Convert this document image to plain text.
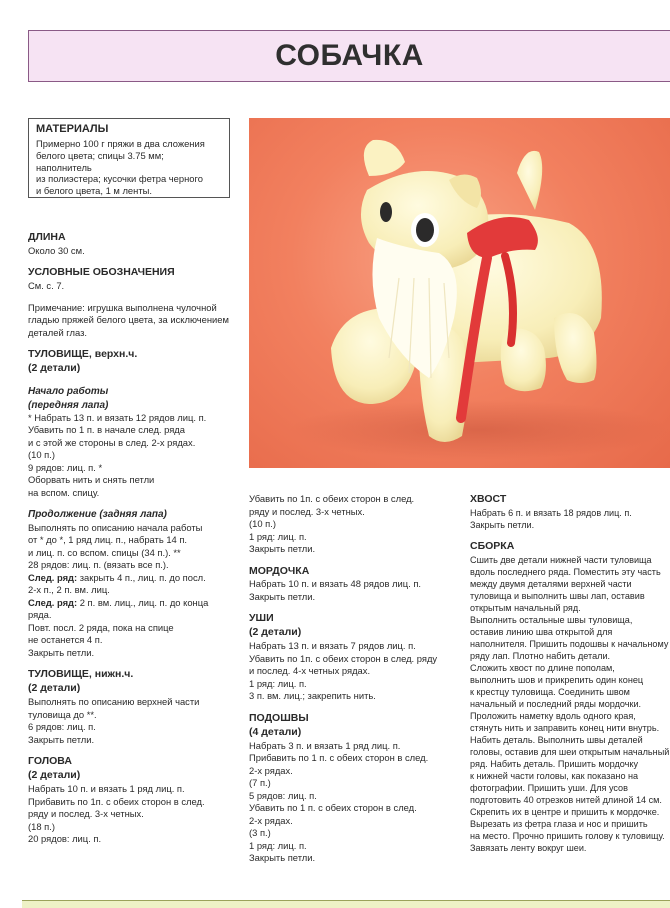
СОБАЧКА
МАТЕРИАЛЫ

Примерно 100 г пряжи в два сложения
белого цвета; спицы 3.75 мм; наполнитель
из полиэстера; кусочки фетра черного
и белого цвета, 1 м ленты.

ДЛИНА

Около 30 см.

УСЛОВНЫЕ ОБОЗНАЧЕНИЯ

См. с. 7.

Примечание: игрушка выполнена чулочной
гладью пряжей белого цвета, за исключением
деталей глаз.

ТУЛОВИЩЕ, верхн.ч.
(2 детали)
Начало работы
(передняя лапа)

* Набрать 13 п. и вязать 12 рядов лиц. п.
Убавить по 1 п. в начале след. ряда
и с этой же стороны в след. 2-х рядах.
(10 п.)
9 рядов: лиц. п. *
Оборвать нить и снять петли
на вспом. спицу.

Продолжение (задняя лапа)

Выполнять по описанию начала работы
от * до *, 1 ряд лиц. п., набрать 14 п.
и лиц. п. со вспом. спицы (34 п.). **
28 рядов: лиц. п. (вязать все п.).

След. ряд: закрыть 4 п., лиц. п. до посл.
2-х п., 2 п. вм. лиц.

След. ряд: 2 п. вм. лиц., лиц. п. до конца
ряда.

Повт. посл. 2 ряда, пока на спице
не останется 4 п.
Закрыть петли.

ТУЛОВИЩЕ, нижн.ч.
(2 детали)

Выполнять по описанию верхней части
туловища до **.
6 рядов: лиц. п.
Закрыть петли.

ГОЛОВА
(2 детали)

Набрать 10 п. и вязать 1 ряд лиц. п.
Прибавить по 1п. с обеих сторон в след.
ряду и послед. 3-х четных.
(18 п.)
20 рядов: лиц. п.

Убавить по 1п. с обеих сторон в след.
ряду и послед. 3-х четных.
(10 п.)
1 ряд: лиц. п.
Закрыть петли.

МОРДОЧКА

Набрать 10 п. и вязать 48 рядов лиц. п.
Закрыть петли.

УШИ
(2 детали)

Набрать 13 п. и вязать 7 рядов лиц. п.
Убавить по 1п. с обеих сторон в след. ряду
и послед. 4-х четных рядах.
1 ряд: лиц. п.
3 п. вм. лиц.; закрепить нить.

ПОДОШВЫ
(4 детали)

Набрать 3 п. и вязать 1 ряд лиц. п.
Прибавить по 1 п. с обеих сторон в след.
2-х рядах.
(7 п.)
5 рядов: лиц. п.
Убавить по 1 п. с обеих сторон в след.
2-х рядах.
(3 п.)
1 ряд: лиц. п.
Закрыть петли.

ХВОСТ

Набрать 6 п. и вязать 18 рядов лиц. п.
Закрыть петли.

СБОРКА

Сшить две детали нижней части туловища
вдоль последнего ряда. Поместить эту часть
между двумя деталями верхней части
туловища и выполнить швы лап, оставив
открытым начальный ряд.
Выполнить остальные швы туловища,
оставив линию шва открытой для
наполнителя. Пришить подошвы к начальному
ряду лап. Плотно набить детали.
Сложить хвост по длине пополам,
выполнить шов и прикрепить один конец
к крестцу туловища. Соединить швом
начальный и последний ряды мордочки.
Проложить наметку вдоль одного края,
стянуть нить и заправить конец нити внутрь.
Набить деталь. Выполнить швы деталей
головы, оставив для шеи открытым начальный
ряд. Набить деталь. Пришить мордочку
к нижней части головы, как показано на
фотографии. Пришить уши. Для усов
подготовить 40 отрезков нитей длиной 14 см.
Скрепить их в центре и пришить к мордочке.
Вырезать из фетра глаза и нос и пришить
на место. Прочно пришить голову к туловищу.
Завязать ленту вокруг шеи.
